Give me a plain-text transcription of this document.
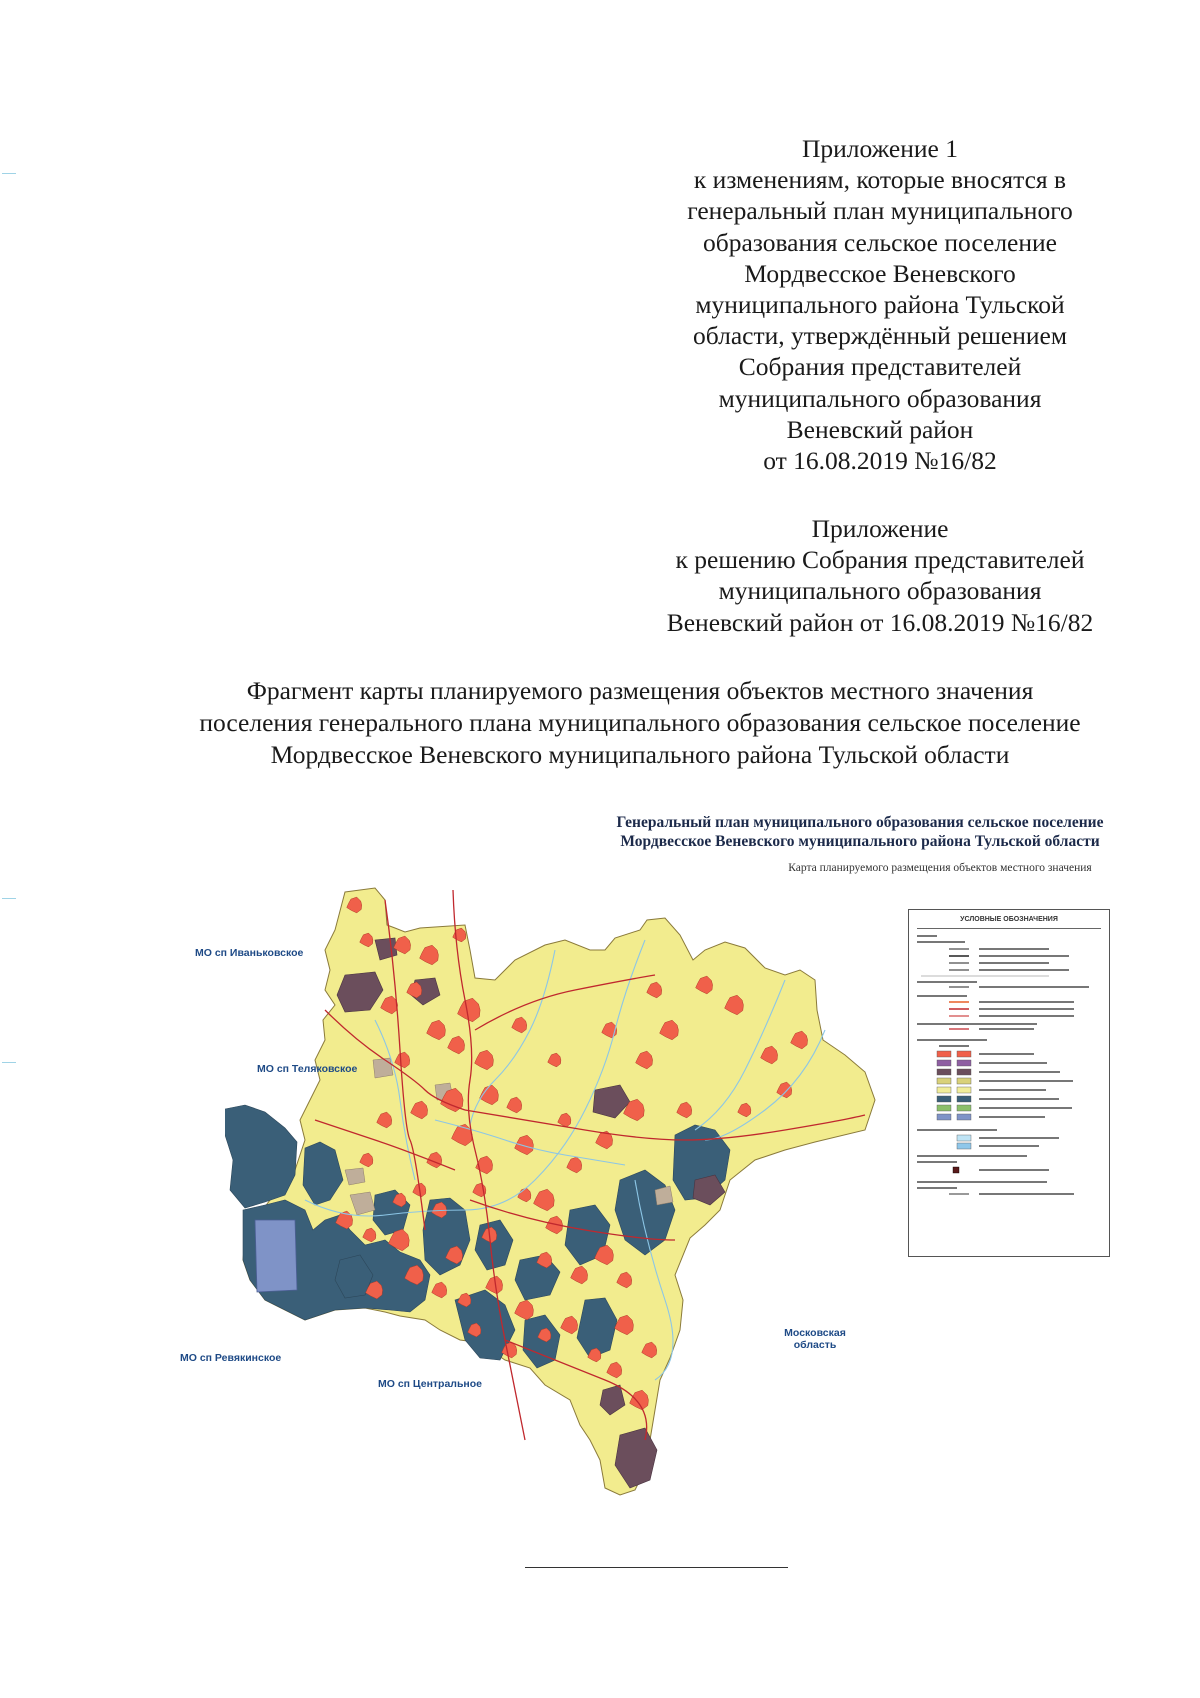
Приложение 1
к изменениям, которые вносятся в
генеральный план муниципального
образования сельское поселение
Мордвесское Веневского
муниципального района Тульской
области, утверждённый решением
Собрания представителей
муниципального образования
Веневский район
от 16.08.2019 №16/82
Приложение
к решению Собрания представителей
муниципального образования
Веневский район от 16.08.2019 №16/82
Фрагмент карты планируемого размещения объектов местного значения
поселения генерального плана муниципального образования сельское поселение
Мордвесское Веневского муниципального района Тульской области
Генеральный план муниципального образования сельское поселение
Мордвесское Веневского муниципального района Тульской области
Карта планируемого размещения объектов местного значения
МО сп Иваньковское
МО сп Теляковское
МО сп Ревякинское
МО сп Центральное
Московская
область
УСЛОВНЫЕ ОБОЗНАЧЕНИЯ
